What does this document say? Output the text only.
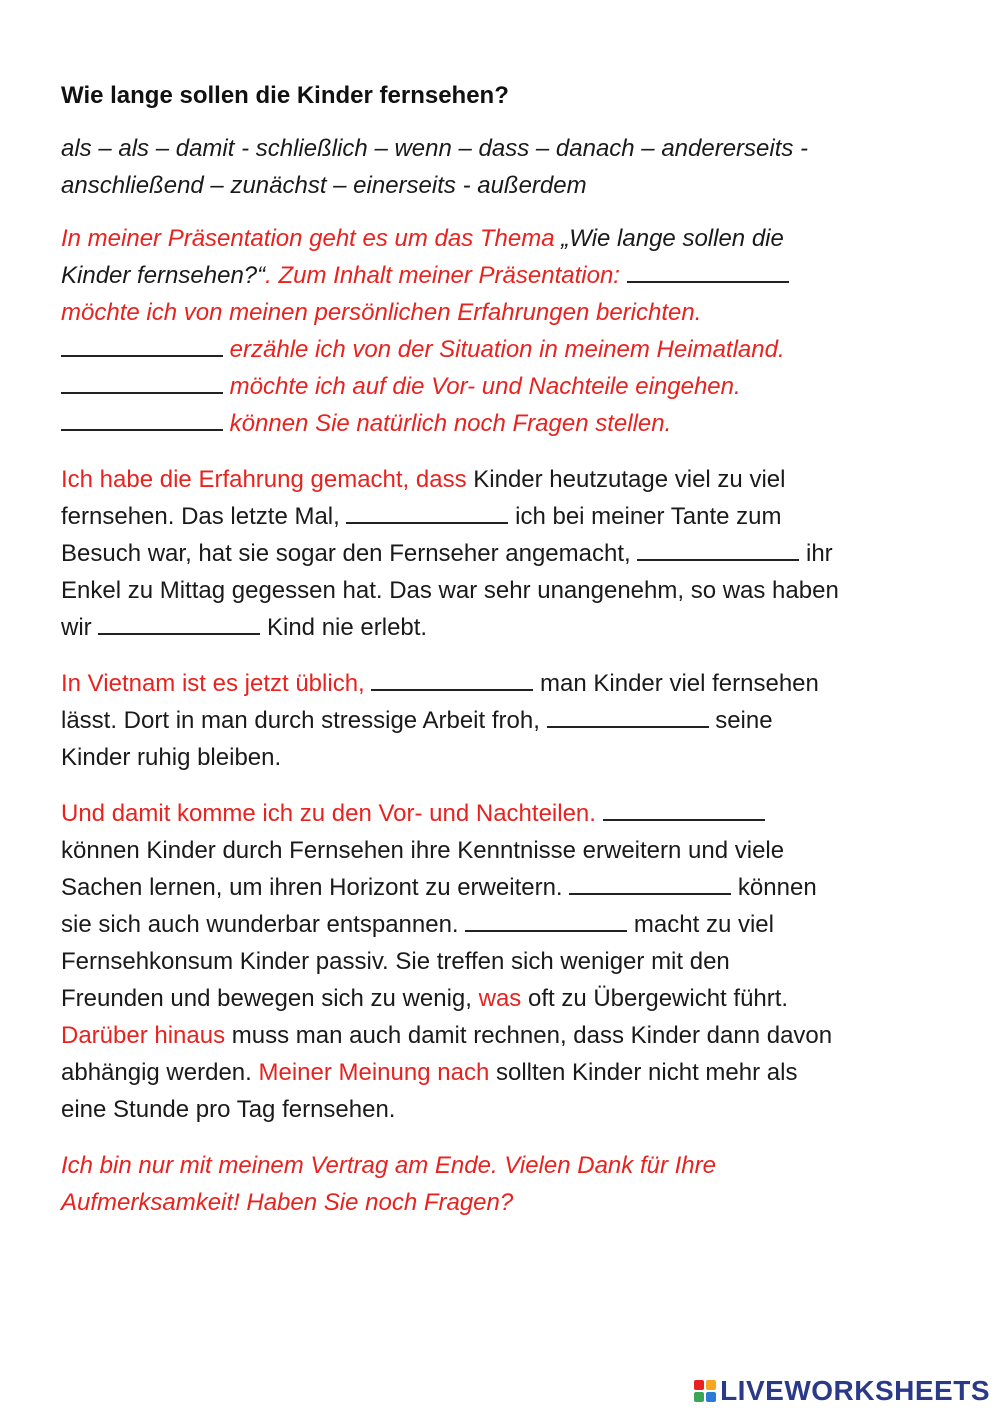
Wie lange sollen die Kinder fernsehen?
als – als – damit - schließlich – wenn – dass – danach – andererseits -
anschließend – zunächst – einerseits - außerdem
In meiner Präsentation geht es um das Thema „Wie lange sollen die
Kinder fernsehen?“. Zum Inhalt meiner Präsentation:
möchte ich von meinen persönlichen Erfahrungen berichten.
erzähle ich von der Situation in meinem Heimatland.
möchte ich auf die Vor- und Nachteile eingehen.
können Sie natürlich noch Fragen stellen.
Ich habe die Erfahrung gemacht, dass Kinder heutzutage viel zu viel
fernsehen. Das letzte Mal,	ich bei meiner Tante zum
Besuch war, hat sie sogar den Fernseher angemacht,	ihr
Enkel zu Mittag gegessen hat. Das war sehr unangenehm, so was haben
wir	Kind nie erlebt.
In Vietnam ist es jetzt üblich,	man Kinder viel fernsehen
lässt. Dort in man durch stressige Arbeit froh,	seine
Kinder ruhig bleiben.
Und damit komme ich zu den Vor- und Nachteilen.
können Kinder durch Fernsehen ihre Kenntnisse erweitern und viele
Sachen lernen, um ihren Horizont zu erweitern.	können
sie sich auch wunderbar entspannen.	macht zu viel
Fernsehkonsum Kinder passiv. Sie treffen sich weniger mit den
Freunden und bewegen sich zu wenig, was oft zu Übergewicht führt.
Darüber hinaus muss man auch damit rechnen, dass Kinder dann davon
abhängig werden. Meiner Meinung nach sollten Kinder nicht mehr als
eine Stunde pro Tag fernsehen.
Ich bin nur mit meinem Vertrag am Ende. Vielen Dank für Ihre
Aufmerksamkeit! Haben Sie noch Fragen?
LIVEWORKSHEETS
